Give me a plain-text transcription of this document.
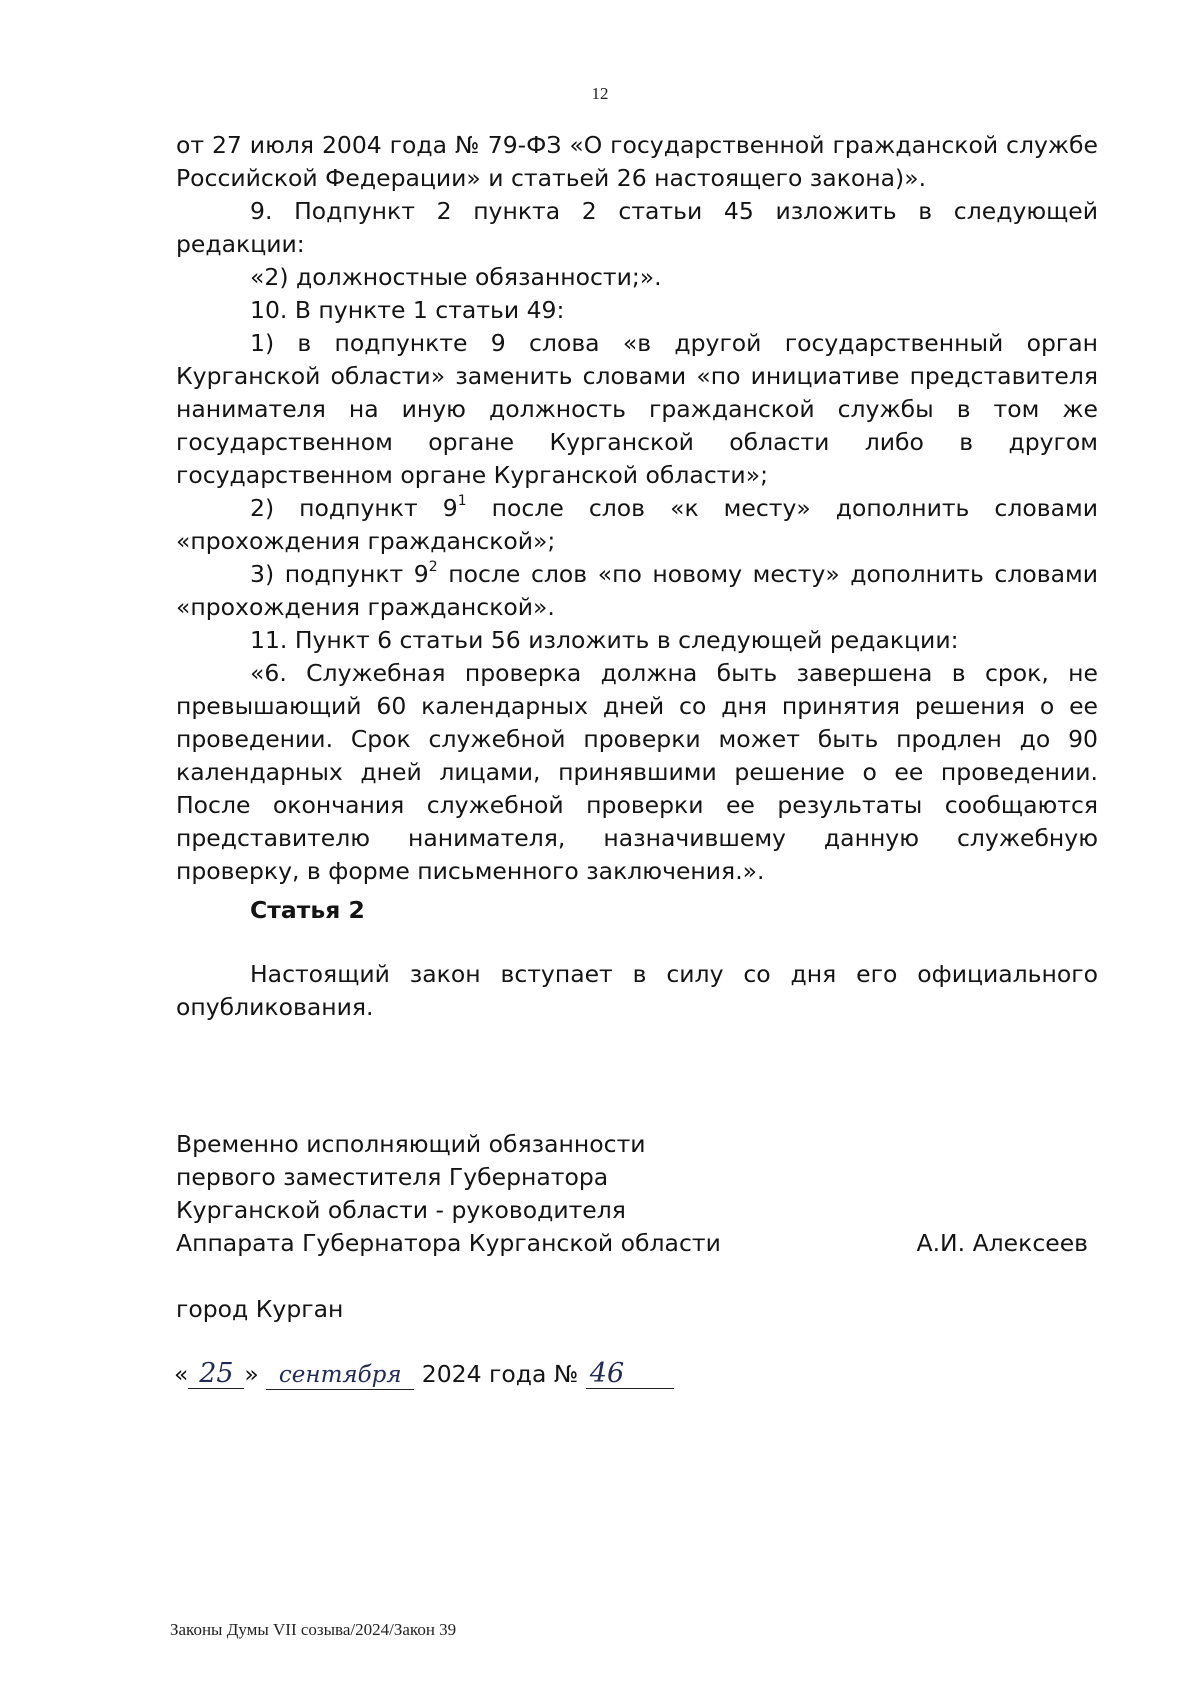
12

от 27 июля 2004 года № 79-ФЗ «О государственной гражданской службе Российской Федерации» и статьей 26 настоящего закона)».

9. Подпункт 2 пункта 2 статьи 45 изложить в следующей редакции:

«2) должностные обязанности;».

10. В пункте 1 статьи 49:

1) в подпункте 9 слова «в другой государственный орган Курганской области» заменить словами «по инициативе представителя нанимателя на иную должность гражданской службы в том же государственном органе Курганской области либо в другом государственном органе Курганской области»;

2) подпункт $9^1$ после слов «к месту» дополнить словами «прохождения гражданской»;

3) подпункт $9^2$ после слов «по новому месту» дополнить словами «прохождения гражданской».

11. Пункт 6 статьи 56 изложить в следующей редакции:

«6. Служебная проверка должна быть завершена в срок, не превышающий 60 календарных дней со дня принятия решения о ее проведении. Срок служебной проверки может быть продлен до 90 календарных дней лицами, принявшими решение о ее проведении. После окончания служебной проверки ее результаты сообщаются представителю нанимателя, назначившему данную служебную проверку, в форме письменного заключения.».

Статья 2

Настоящий закон вступает в силу со дня его официального опубликования.

Временно исполняющий обязанности
первого заместителя Губернатора
Курганской области - руководителя
Аппарата Губернатора Курганской области	А.И. Алексеев
город Курган
« 25 » сентября 2024 года № 46
Законы Думы VII созыва/2024/Закон 39
